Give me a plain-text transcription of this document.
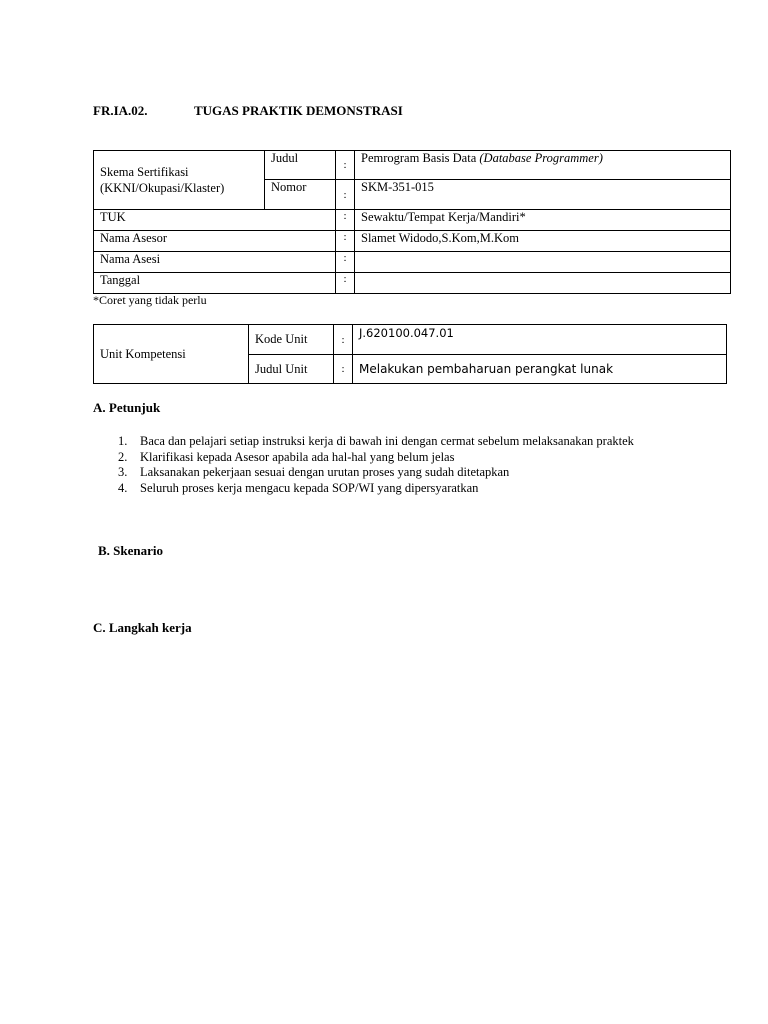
FR.IA.02.	TUGAS PRAKTIK DEMONSTRASI
Skema Sertifikasi
(KKNI/Okupasi/Klaster)	Judul	:	Pemrogram Basis Data (Database Programmer)
	Nomor	:	SKM-351-015
TUK		:	Sewaktu/Tempat Kerja/Mandiri*
Nama Asesor		:	Slamet Widodo,S.Kom,M.Kom
Nama Asesi		:	
Tanggal		:	
*Coret yang tidak perlu
Unit Kompetensi	Kode Unit	:	J.620100.047.01
	Judul Unit	:	Melakukan pembaharuan perangkat lunak
A. Petunjuk
1. Baca dan pelajari setiap instruksi kerja di bawah ini dengan cermat sebelum melaksanakan praktek
2. Klarifikasi kepada Asesor apabila ada hal-hal yang belum jelas
3. Laksanakan pekerjaan sesuai dengan urutan proses yang sudah ditetapkan
4. Seluruh proses kerja mengacu kepada SOP/WI yang dipersyaratkan
B. Skenario
C. Langkah kerja
